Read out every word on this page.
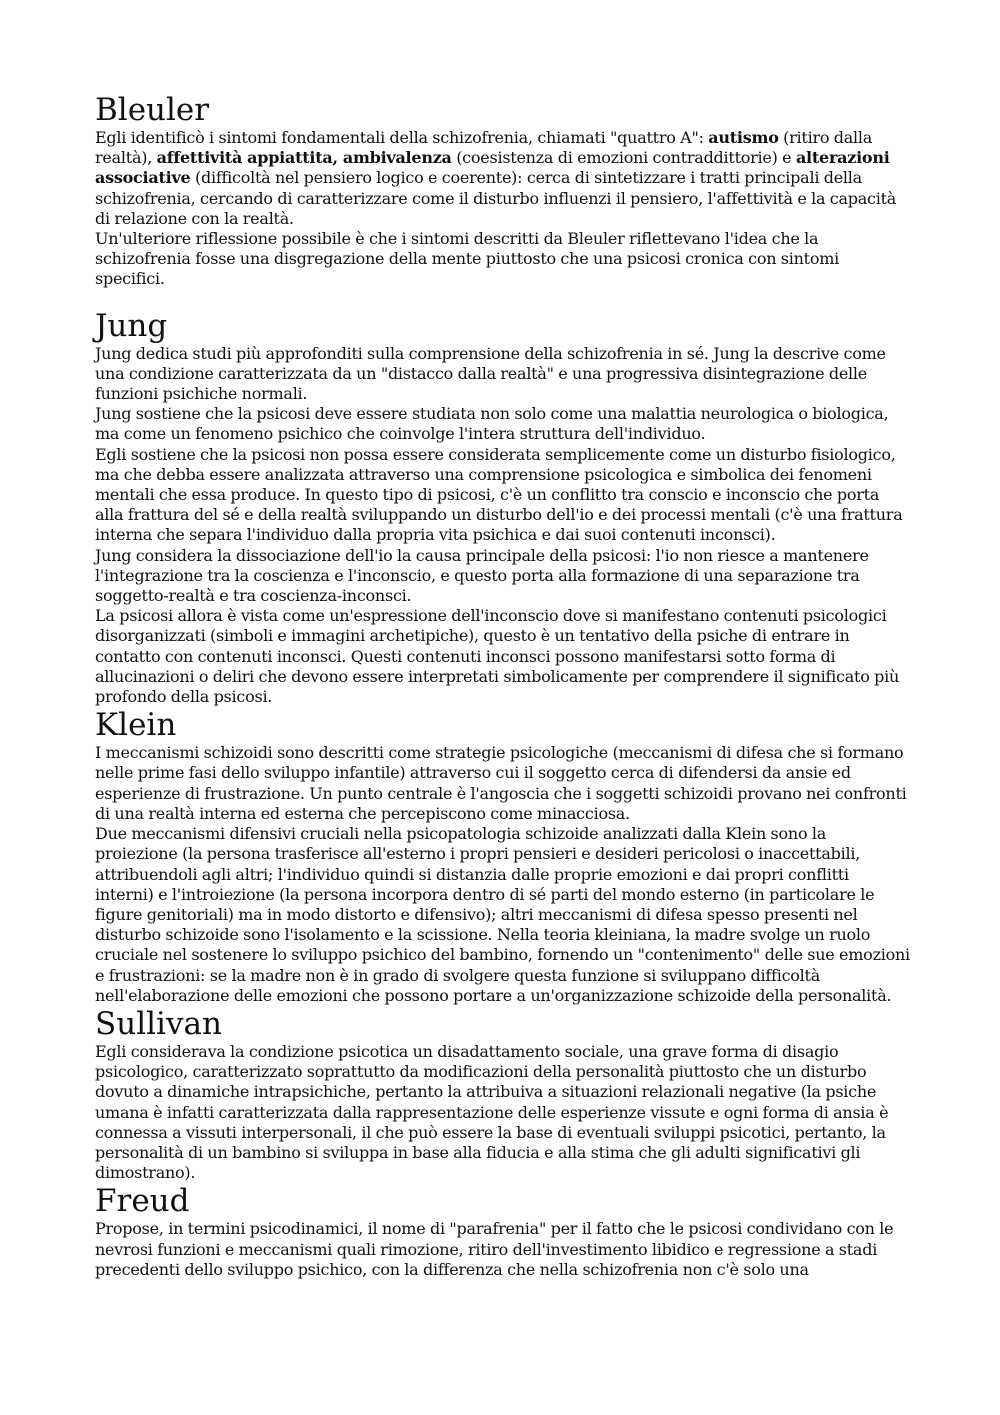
Bleuler

Egli identificò i sintomi fondamentali della schizofrenia, chiamati "quattro A": autismo (ritiro dalla realtà), affettività appiattita, ambivalenza (coesistenza di emozioni contraddittorie) e alterazioni associative (difficoltà nel pensiero logico e coerente): cerca di sintetizzare i tratti principali della schizofrenia, cercando di caratterizzare come il disturbo influenzi il pensiero, l'affettività e la capacità di relazione con la realtà.

Un'ulteriore riflessione possibile è che i sintomi descritti da Bleuler riflettevano l'idea che la schizofrenia fosse una disgregazione della mente piuttosto che una psicosi cronica con sintomi specifici.

Jung

Jung dedica studi più approfonditi sulla comprensione della schizofrenia in sé. Jung la descrive come una condizione caratterizzata da un "distacco dalla realtà" e una progressiva disintegrazione delle funzioni psichiche normali.

Jung sostiene che la psicosi deve essere studiata non solo come una malattia neurologica o biologica, ma come un fenomeno psichico che coinvolge l'intera struttura dell'individuo.

Egli sostiene che la psicosi non possa essere considerata semplicemente come un disturbo fisiologico, ma che debba essere analizzata attraverso una comprensione psicologica e simbolica dei fenomeni mentali che essa produce. In questo tipo di psicosi, c'è un conflitto tra conscio e inconscio che porta alla frattura del sé e della realtà sviluppando un disturbo dell'io e dei processi mentali (c'è una frattura interna che separa l'individuo dalla propria vita psichica e dai suoi contenuti inconsci).

Jung considera la dissociazione dell'io la causa principale della psicosi: l'io non riesce a mantenere l'integrazione tra la coscienza e l'inconscio, e questo porta alla formazione di una separazione tra soggetto-realtà e tra coscienza-inconsci.

La psicosi allora è vista come un'espressione dell'inconscio dove si manifestano contenuti psicologici disorganizzati (simboli e immagini archetipiche), questo è un tentativo della psiche di entrare in contatto con contenuti inconsci. Questi contenuti inconsci possono manifestarsi sotto forma di allucinazioni o deliri che devono essere interpretati simbolicamente per comprendere il significato più profondo della psicosi.

Klein

I meccanismi schizoidi sono descritti come strategie psicologiche (meccanismi di difesa che si formano nelle prime fasi dello sviluppo infantile) attraverso cui il soggetto cerca di difendersi da ansie ed esperienze di frustrazione. Un punto centrale è l'angoscia che i soggetti schizoidi provano nei confronti di una realtà interna ed esterna che percepiscono come minacciosa.

Due meccanismi difensivi cruciali nella psicopatologia schizoide analizzati dalla Klein sono la proiezione (la persona trasferisce all'esterno i propri pensieri e desideri pericolosi o inaccettabili, attribuendoli agli altri; l'individuo quindi si distanzia dalle proprie emozioni e dai propri conflitti interni) e l'introiezione (la persona incorpora dentro di sé parti del mondo esterno (in particolare le figure genitoriali) ma in modo distorto e difensivo); altri meccanismi di difesa spesso presenti nel disturbo schizoide sono l'isolamento e la scissione. Nella teoria kleiniana, la madre svolge un ruolo cruciale nel sostenere lo sviluppo psichico del bambino, fornendo un "contenimento" delle sue emozioni e frustrazioni: se la madre non è in grado di svolgere questa funzione si sviluppano difficoltà nell'elaborazione delle emozioni che possono portare a un'organizzazione schizoide della personalità.

Sullivan

Egli considerava la condizione psicotica un disadattamento sociale, una grave forma di disagio psicologico, caratterizzato soprattutto da modificazioni della personalità piuttosto che un disturbo dovuto a dinamiche intrapsichiche, pertanto la attribuiva a situazioni relazionali negative (la psiche umana è infatti caratterizzata dalla rappresentazione delle esperienze vissute e ogni forma di ansia è connessa a vissuti interpersonali, il che può essere la base di eventuali sviluppi psicotici, pertanto, la personalità di un bambino si sviluppa in base alla fiducia e alla stima che gli adulti significativi gli dimostrano).

Freud

Propose, in termini psicodinamici, il nome di "parafrenia" per il fatto che le psicosi condividano con le nevrosi funzioni e meccanismi quali rimozione, ritiro dell'investimento libidico e regressione a stadi precedenti dello sviluppo psichico, con la differenza che nella schizofrenia non c'è solo una
